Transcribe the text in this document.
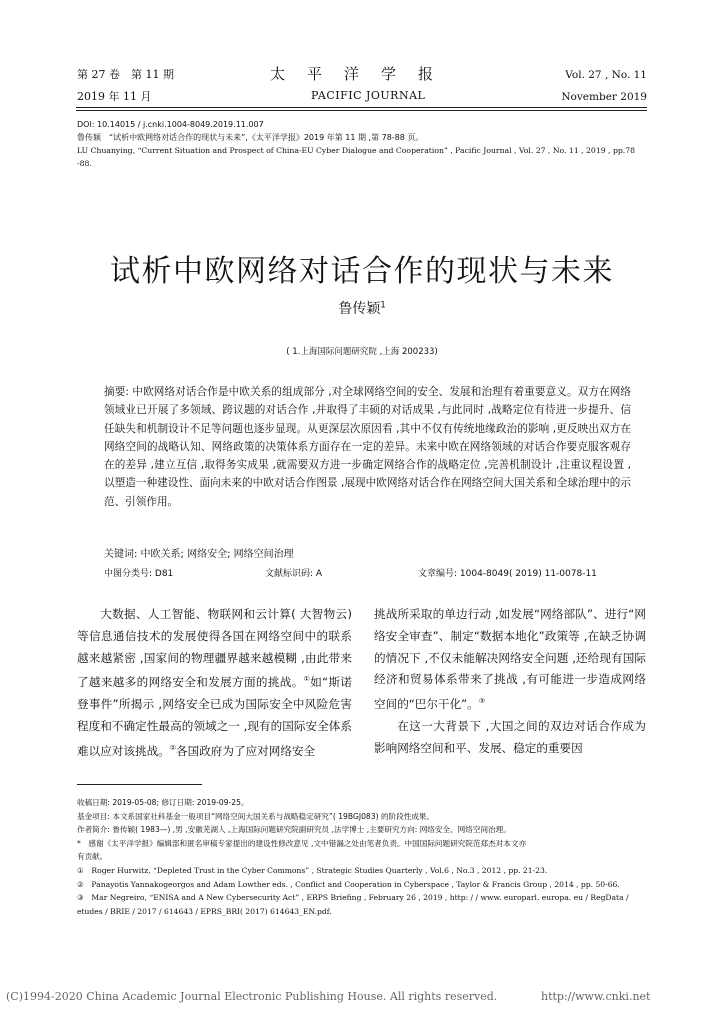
第 27 卷　第 11 期
2019 年 11 月
太平洋学报
PACIFIC JOURNAL
Vol. 27 , No. 11
November 2019
DOI: 10.14015 / j.cnki.1004-8049.2019.11.007
鲁传颖　“试析中欧网络对话合作的现状与未来”,《太平洋学报》2019 年第 11 期 ,第 78-88 页。
LU Chuanying, “Current Situation and Prospect of China-EU Cyber Dialogue and Cooperation” , Pacific Journal , Vol. 27 , No. 11 , 2019 , pp.78
-88.
试析中欧网络对话合作的现状与未来
鲁传颖$^1$
( 1.上海国际问题研究院 ,上海 200233)
摘要: 中欧网络对话合作是中欧关系的组成部分 ,对全球网络空间的安全、发展和治理有着重要意义。双方在网络领域业已开展了多领域、跨议题的对话合作 ,并取得了丰硕的对话成果 ,与此同时 ,战略定位有待进一步提升、信任缺失和机制设计不足等问题也逐步显现。从更深层次原因看 ,其中不仅有传统地缘政治的影响 ,更反映出双方在网络空间的战略认知、网络政策的决策体系方面存在一定的差异。未来中欧在网络领域的对话合作要克服客观存在的差异 ,建立互信 ,取得务实成果 ,就需要双方进一步确定网络合作的战略定位 ,完善机制设计 ,注重议程设置 ,以塑造一种建设性、面向未来的中欧对话合作图景 ,展现中欧网络对话合作在网络空间大国关系和全球治理中的示范、引领作用。
关键词: 中欧关系; 网络安全; 网络空间治理
中图分类号: D81	文献标识码: A	文章编号: 1004-8049( 2019) 11-0078-11

大数据、人工智能、物联网和云计算( 大智物云) 等信息通信技术的发展使得各国在网络空间中的联系越来越紧密 ,国家间的物理疆界越来越模糊 ,由此带来了越来越多的网络安全和发展方面的挑战。①如“斯诺登事件”所揭示 ,网络安全已成为国际安全中风险危害程度和不确定性最高的领域之一 ,现有的国际安全体系难以应对该挑战。②各国政府为了应对网络安全

挑战所采取的单边行动 ,如发展“网络部队”、进行“网络安全审查”、制定“数据本地化”政策等 ,在缺乏协调的情况下 ,不仅未能解决网络安全问题 ,还给现有国际经济和贸易体系带来了挑战 ,有可能进一步造成网络空间的“巴尔干化”。③

在这一大背景下 ,大国之间的双边对话合作成为影响网络空间和平、发展、稳定的重要因

收稿日期: 2019-05-08; 修订日期: 2019-09-25。
基金项目: 本文系国家社科基金一般项目“网络空间大国关系与战略稳定研究”( 19BGJ083) 的阶段性成果。
作者简介: 鲁传颖( 1983—) ,男 ,安徽芜湖人 ,上海国际问题研究院副研究员 ,法学博士 ,主要研究方向: 网络安全、网络空间治理。
*　感谢《太平洋学报》编辑部和匿名审稿专家提出的建设性修改意见 ,文中错漏之处由笔者负责。中国国际问题研究院范郑杰对本文亦
有贡献。
①　Roger Hurwitz, “Depleted Trust in the Cyber Commons” , Strategic Studies Quarterly , Vol.6 , No.3 , 2012 , pp. 21-23.
②　Panayotis Yannakogeorgos and Adam Lowther eds. , Conflict and Cooperation in Cyberspace , Taylor & Francis Group , 2014 , pp. 50-66.
③　Mar Negreiro, “ENISA and A New Cybersecurity Act” , ERPS Briefing , February 26 , 2019 , http: / / www. europarl. europa. eu / RegData /
etudes / BRIE / 2017 / 614643 / EPRS_BRI( 2017) 614643_EN.pdf.
(C)1994-2020 China Academic Journal Electronic Publishing House. All rights reserved.	http://www.cnki.net
